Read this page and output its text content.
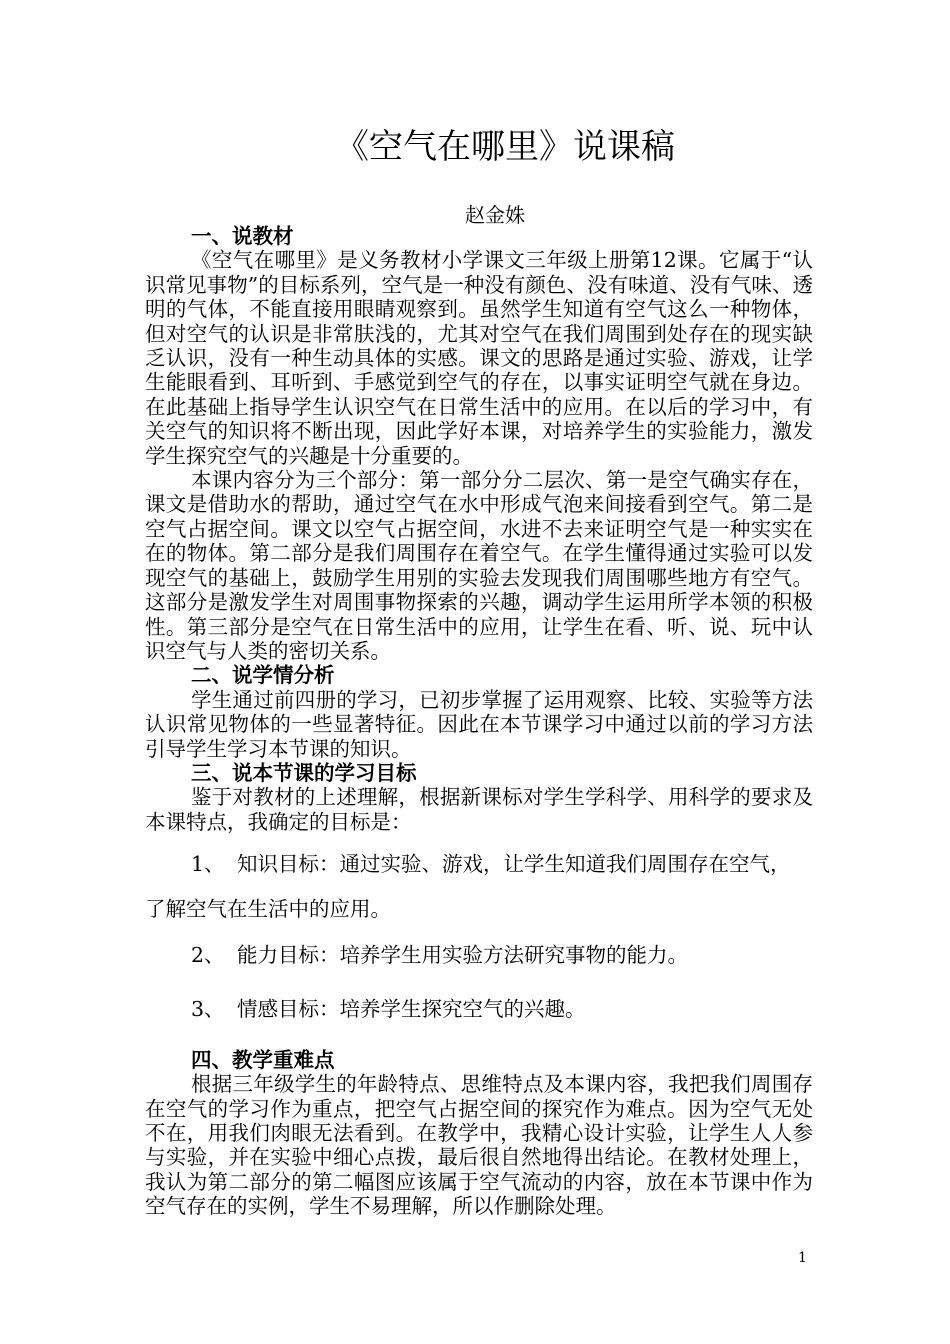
《空气在哪里》说课稿
赵金姝

一、说教材

《空气在哪里》是义务教材小学课文三年级上册第12课。它属于“认识常见事物”的目标系列，空气是一种没有颜色、没有味道、没有气味、透明的气体，不能直接用眼睛观察到。虽然学生知道有空气这么一种物体，但对空气的认识是非常肤浅的，尤其对空气在我们周围到处存在的现实缺乏认识，没有一种生动具体的实感。课文的思路是通过实验、游戏，让学生能眼看到、耳听到、手感觉到空气的存在，以事实证明空气就在身边。在此基础上指导学生认识空气在日常生活中的应用。在以后的学习中，有关空气的知识将不断出现，因此学好本课，对培养学生的实验能力，激发学生探究空气的兴趣是十分重要的。

本课内容分为三个部分：第一部分分二层次、第一是空气确实存在，课文是借助水的帮助，通过空气在水中形成气泡来间接看到空气。第二是空气占据空间。课文以空气占据空间，水进不去来证明空气是一种实实在在的物体。第二部分是我们周围存在着空气。在学生懂得通过实验可以发现空气的基础上，鼓励学生用别的实验去发现我们周围哪些地方有空气。这部分是激发学生对周围事物探索的兴趣，调动学生运用所学本领的积极性。第三部分是空气在日常生活中的应用，让学生在看、听、说、玩中认识空气与人类的密切关系。

二、说学情分析

学生通过前四册的学习，已初步掌握了运用观察、比较、实验等方法认识常见物体的一些显著特征。因此在本节课学习中通过以前的学习方法引导学生学习本节课的知识。

三、说本节课的学习目标

鉴于对教材的上述理解，根据新课标对学生学科学、用科学的要求及本课特点，我确定的目标是：

1、 知识目标：通过实验、游戏，让学生知道我们周围存在空气，

了解空气在生活中的应用。

2、 能力目标：培养学生用实验方法研究事物的能力。

3、 情感目标：培养学生探究空气的兴趣。

四、教学重难点

根据三年级学生的年龄特点、思维特点及本课内容，我把我们周围存在空气的学习作为重点，把空气占据空间的探究作为难点。因为空气无处不在，用我们肉眼无法看到。在教学中，我精心设计实验，让学生人人参与实验，并在实验中细心点拨，最后很自然地得出结论。在教材处理上，我认为第二部分的第二幅图应该属于空气流动的内容，放在本节课中作为空气存在的实例，学生不易理解，所以作删除处理。

1
